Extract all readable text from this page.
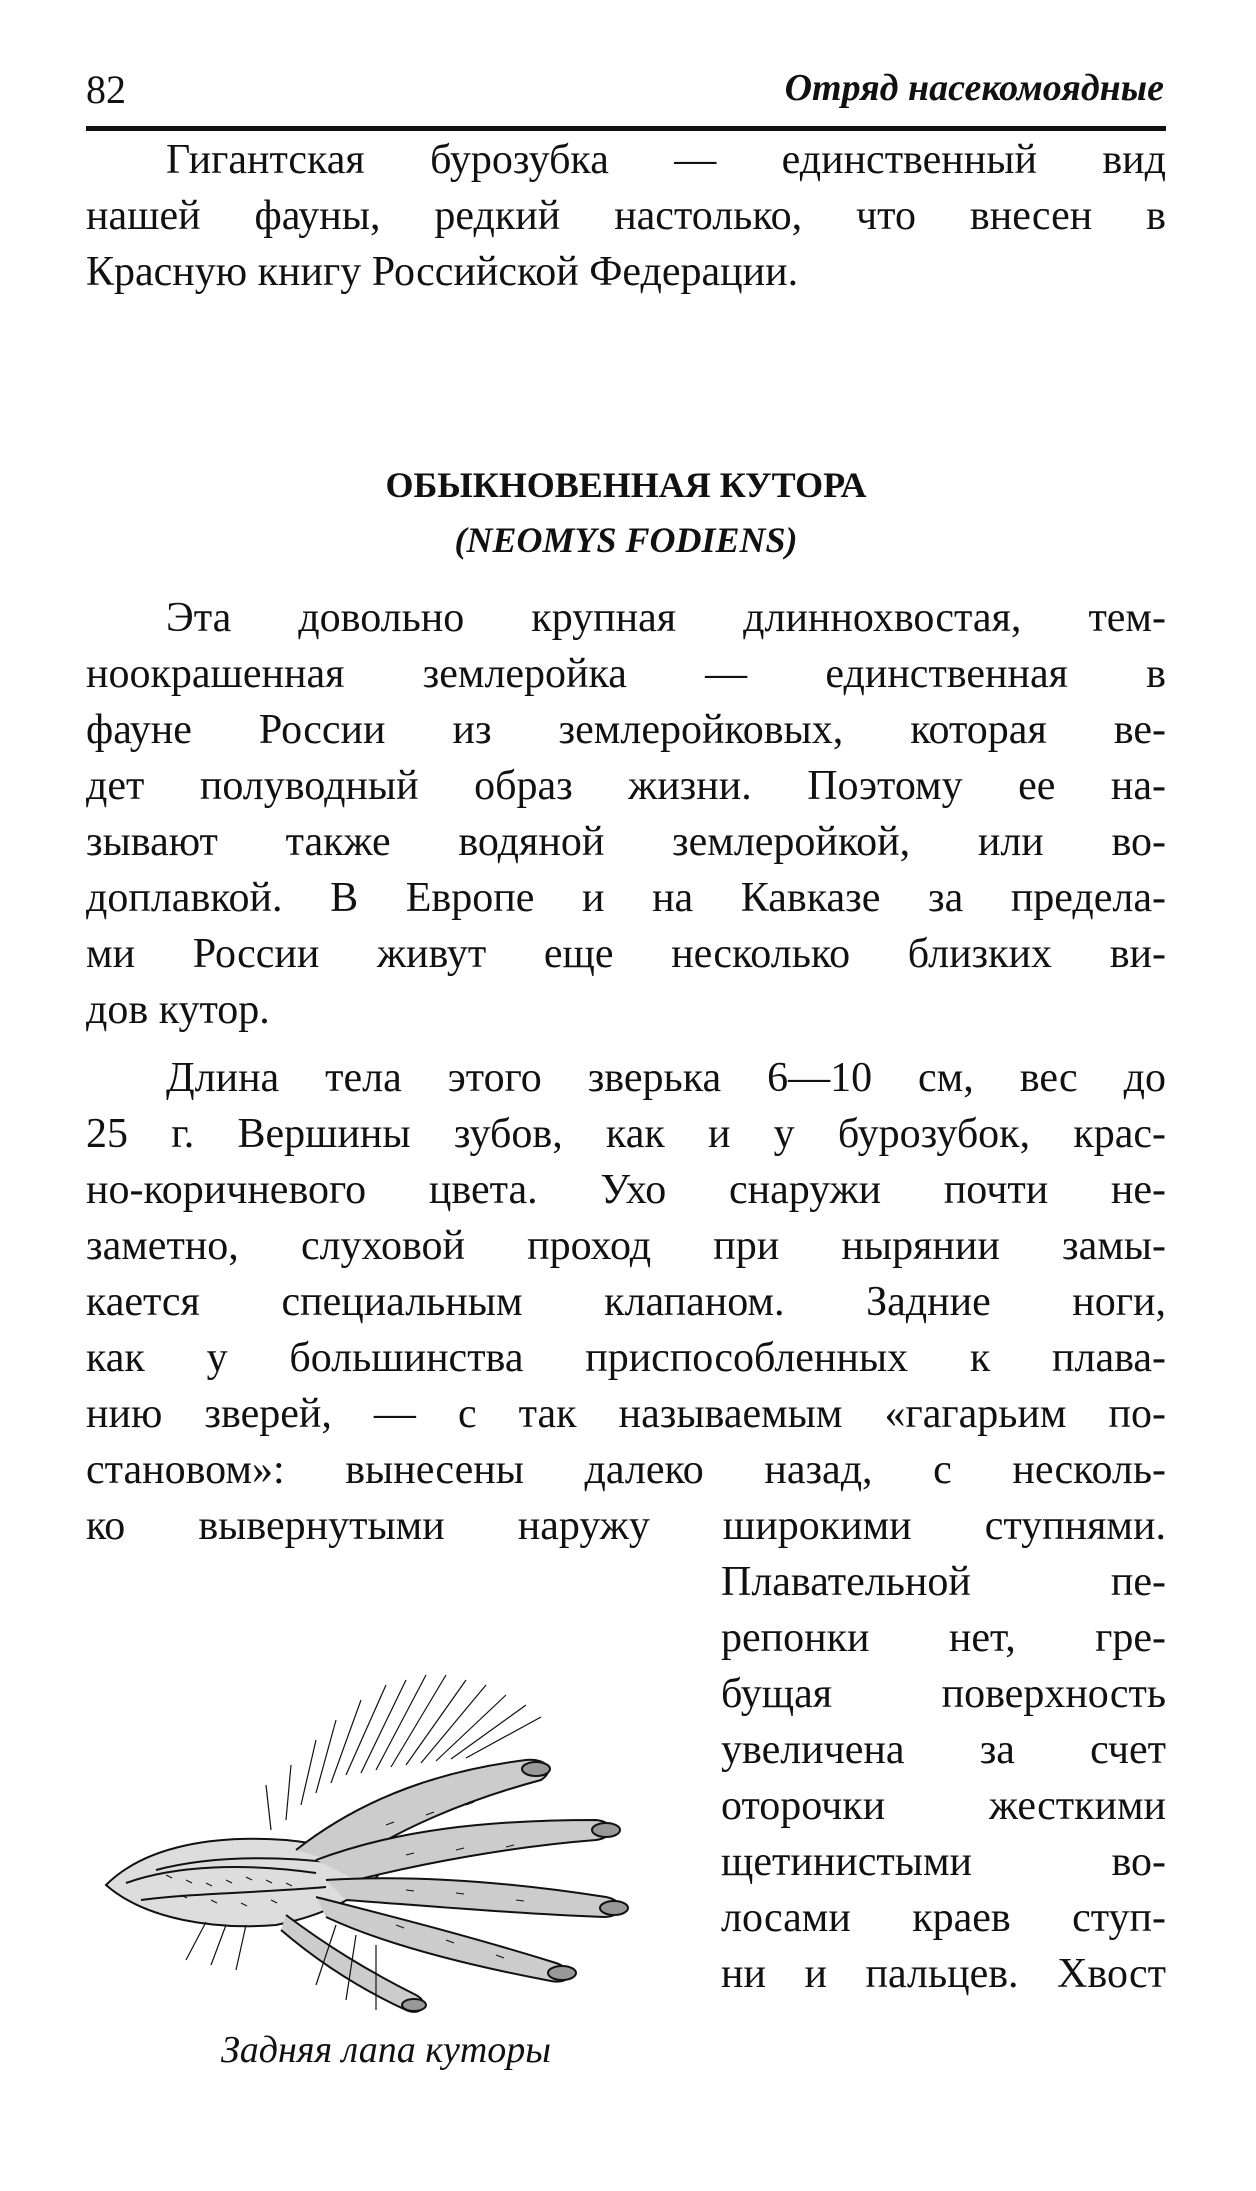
82	Отряд насекомоядные
Гигантская бурозубка — единственный вид
нашей фауны, редкий настолько, что внесен в
Красную книгу Российской Федерации.
ОБЫКНОВЕННАЯ КУТОРА
(NEOMYS FODIENS)
Эта довольно крупная длиннохвостая, тем-
ноокрашенная землеройка — единственная в
фауне России из землеройковых, которая ве-
дет полуводный образ жизни. Поэтому ее на-
зывают также водяной землеройкой, или во-
доплавкой. В Европе и на Кавказе за предела-
ми России живут еще несколько близких ви-
дов кутор.
Длина тела этого зверька 6—10 см, вес до
25 г. Вершины зубов, как и у бурозубок, крас-
но-коричневого цвета. Ухо снаружи почти не-
заметно, слуховой проход при нырянии замы-
кается специальным клапаном. Задние ноги,
как у большинства приспособленных к плава-
нию зверей, — с так называемым «гагарьим по-
становом»: вынесены далеко назад, с несколь-
ко вывернутыми наружу широкими ступнями.
Плавательной пе-
репонки нет, гре-
бущая поверхность
увеличена за счет
оторочки жесткими
щетинистыми во-
лосами краев ступ-
ни и пальцев. Хвост
Задняя лапа куторы
